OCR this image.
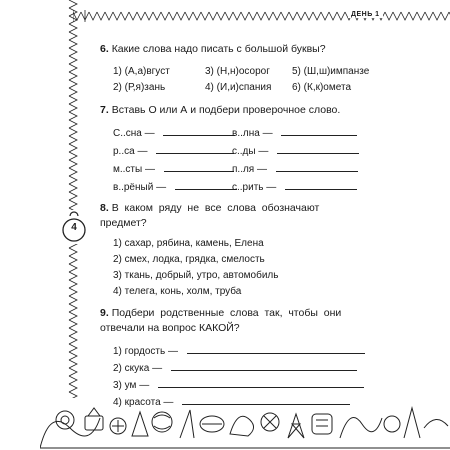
ДЕНЬ 1
4
6. Какие слова надо писать с большой буквы?
1) (А,а)вгуст	3) (Н,н)осорог 5) (Ш,ш)импанзе
2) (Р,я)зань	4) (И,и)спания 6) (К,к)омета
7. Вставь О или А и подбери проверочное слово.
С..сна —	в..лна —
р..са —	с..ды —
м..сты —	п..ля —
в..рёный —	с..рить —
8. В  каком  ряду  не  все  слова  обозначают
предмет?
1) сахар, рябина, камень, Елена
2) смех, лодка, грядка, смелость
3) ткань, добрый, утро, автомобиль
4) телега, конь, холм, труба
9. Подбери  родственные  слова  так,  чтобы  они
отвечали на вопрос КАКОЙ?
1) гордость —
2) скука —
3) ум —
4) красота —
